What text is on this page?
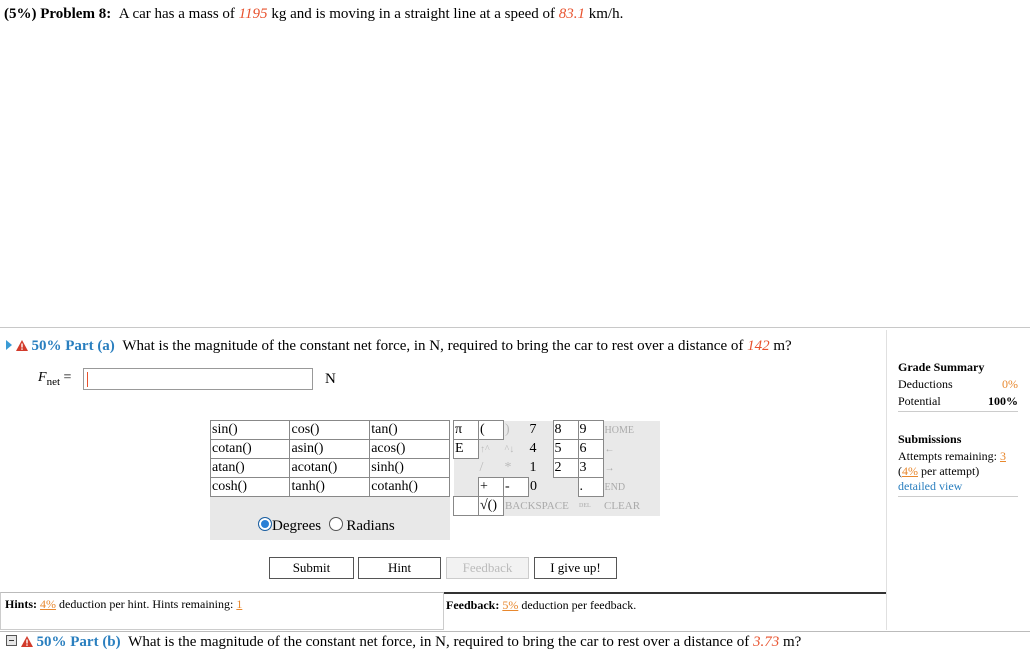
(5%) Problem 8: A car has a mass of 1195 kg and is moving in a straight line at a speed of 83.1 km/h.
50% Part (a) What is the magnitude of the constant net force, in N, required to bring the car to rest over a distance of 142 m?
$F_{net}$ =	N
sin()	cos()	tan()
cotan()	asin()	acos()
atan()	acotan()	sinh()
cosh()	tanh()	cotanh()
Degrees Radians
π	(	)	7	8	9	HOME
E	↑^	^↓	4	5	6	←
	/	*	1	2	3	→
	+	-	0		.	END
	√()	BACKSPACE			DEL	CLEAR
Submit	Hint	Feedback	I give up!
Hints: 4% deduction per hint. Hints remaining: 1	Feedback: 5% deduction per feedback.
Grade Summary
Deductions	0%
Potential	100%
Submissions
Attempts remaining: 3
(4% per attempt)
detailed view
50% Part (b) What is the magnitude of the constant net force, in N, required to bring the car to rest over a distance of 3.73 m?
